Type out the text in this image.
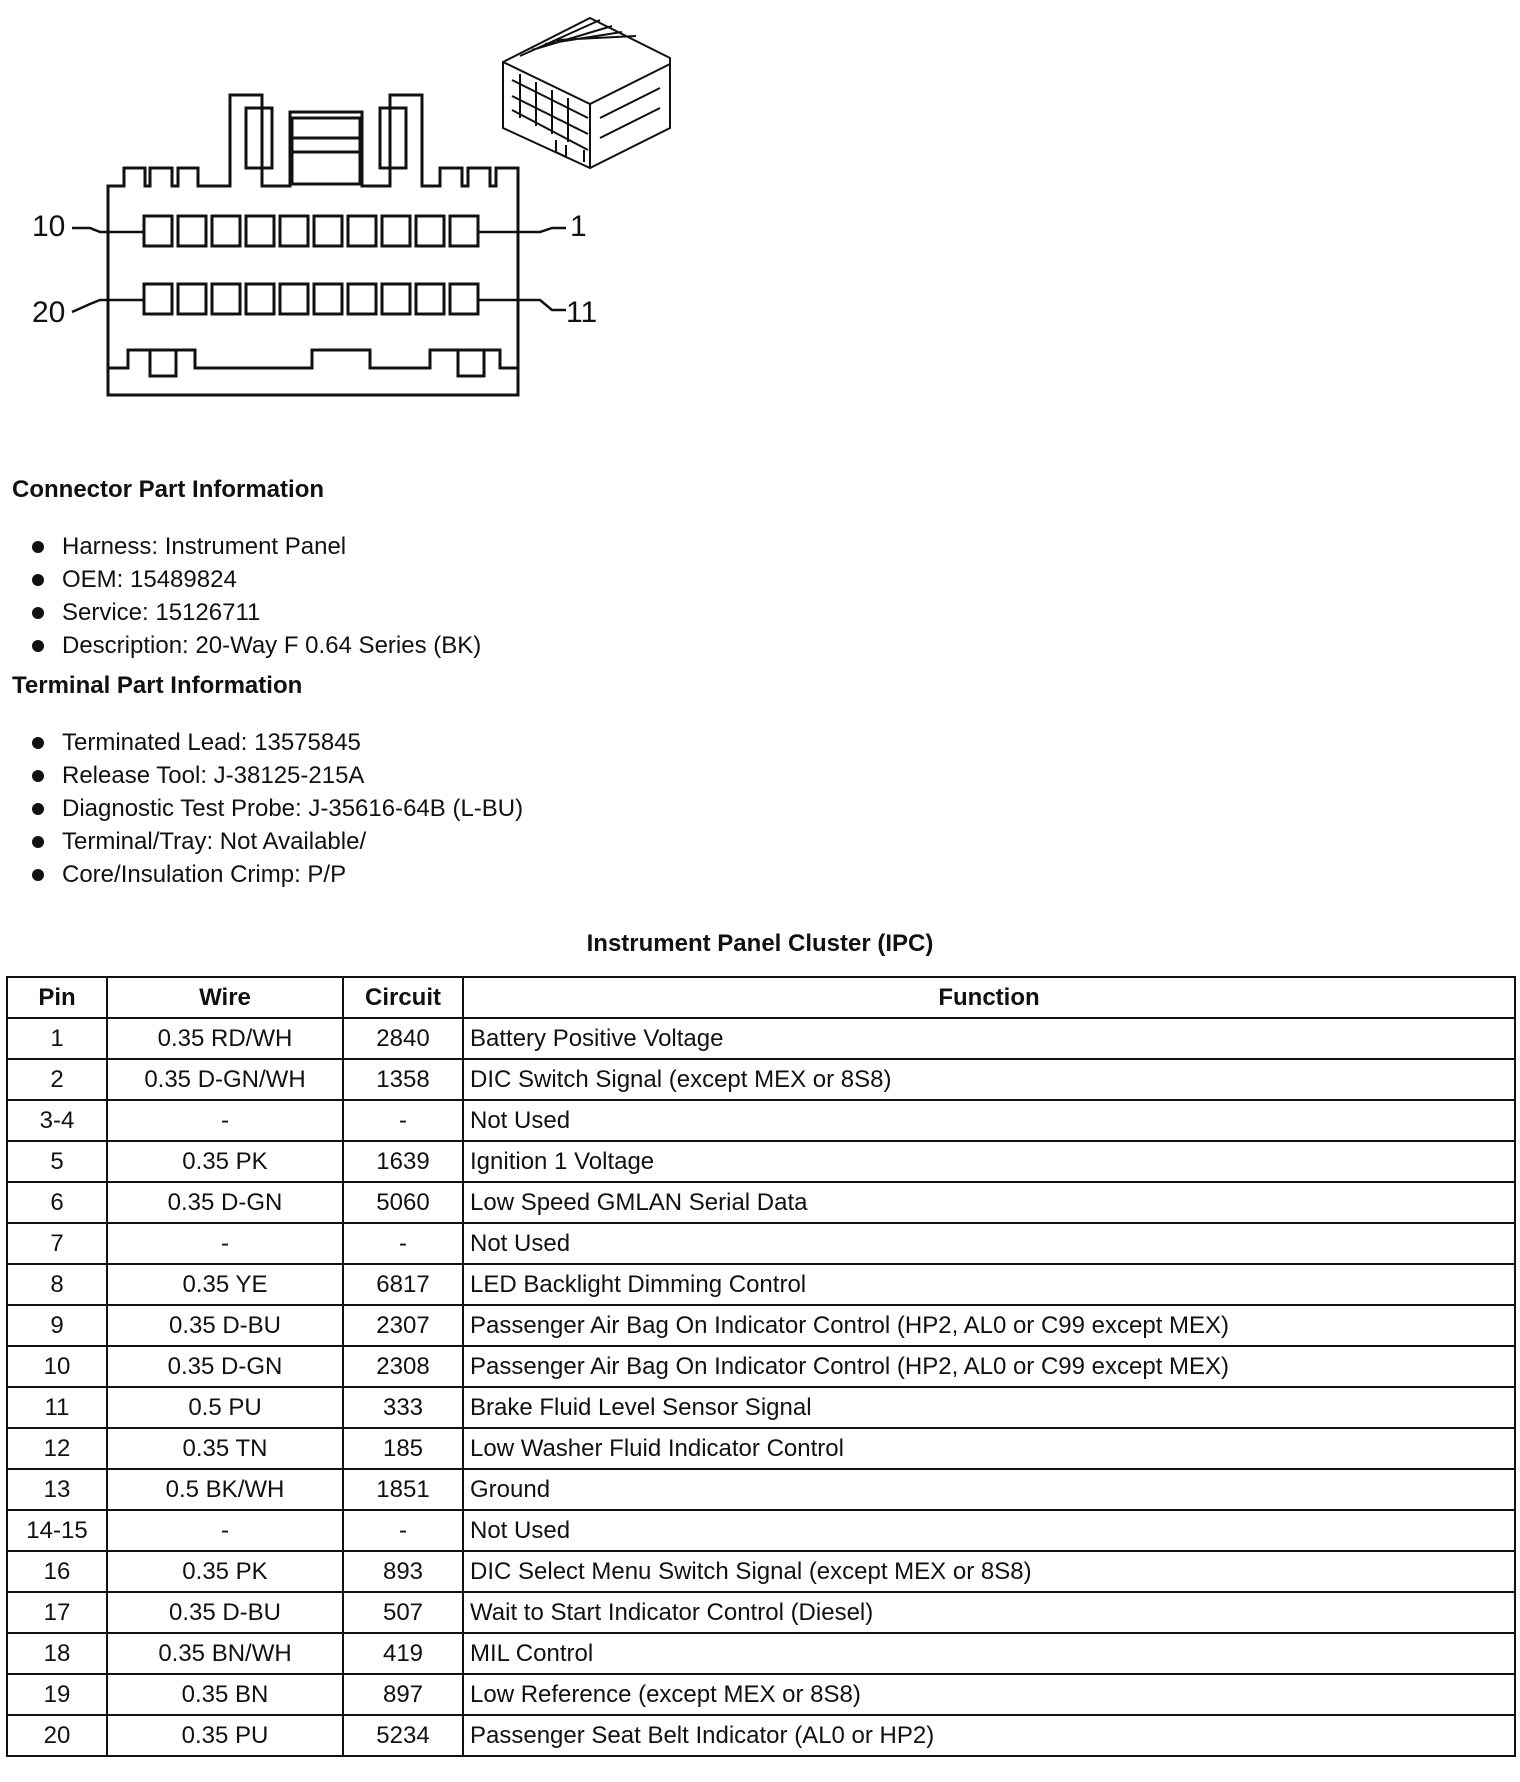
10	1
20	11
Connector Part Information
Harness: Instrument Panel
OEM: 15489824
Service: 15126711
Description: 20-Way F 0.64 Series (BK)
Terminal Part Information
Terminated Lead: 13575845
Release Tool: J-38125-215A
Diagnostic Test Probe: J-35616-64B (L-BU)
Terminal/Tray: Not Available/
Core/Insulation Crimp: P/P
Instrument Panel Cluster (IPC)
Pin	Wire	Circuit	Function
1	0.35 RD/WH	2840	Battery Positive Voltage
2	0.35 D-GN/WH	1358	DIC Switch Signal (except MEX or 8S8)
3-4	-	-	Not Used
5	0.35 PK	1639	Ignition 1 Voltage
6	0.35 D-GN	5060	Low Speed GMLAN Serial Data
7	-	-	Not Used
8	0.35 YE	6817	LED Backlight Dimming Control
9	0.35 D-BU	2307	Passenger Air Bag On Indicator Control (HP2, AL0 or C99 except MEX)
10	0.35 D-GN	2308	Passenger Air Bag On Indicator Control (HP2, AL0 or C99 except MEX)
11	0.5 PU	333	Brake Fluid Level Sensor Signal
12	0.35 TN	185	Low Washer Fluid Indicator Control
13	0.5 BK/WH	1851	Ground
14-15	-	-	Not Used
16	0.35 PK	893	DIC Select Menu Switch Signal (except MEX or 8S8)
17	0.35 D-BU	507	Wait to Start Indicator Control (Diesel)
18	0.35 BN/WH	419	MIL Control
19	0.35 BN	897	Low Reference (except MEX or 8S8)
20	0.35 PU	5234	Passenger Seat Belt Indicator (AL0 or HP2)
